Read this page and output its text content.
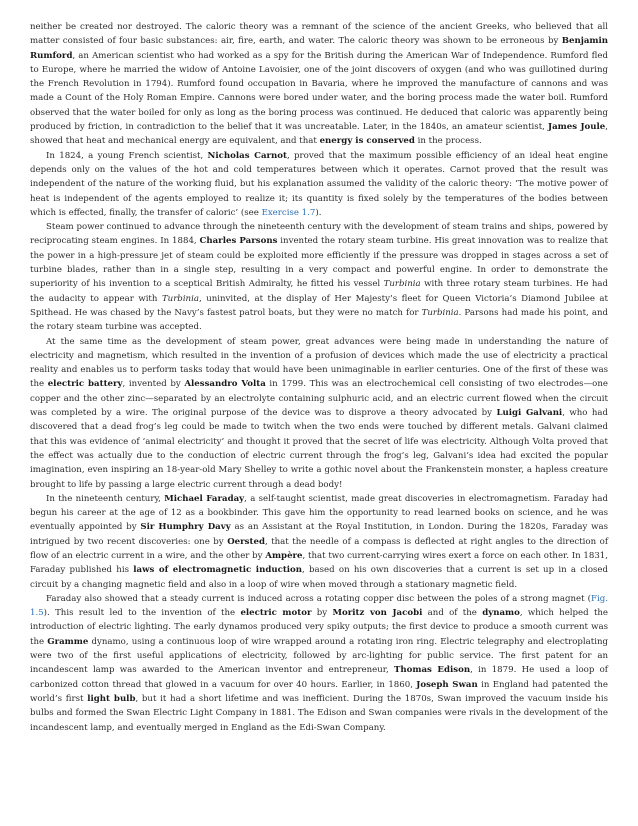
neither be created nor destroyed. The caloric theory was a remnant of the science of the ancient Greeks, who believed that all matter consisted of four basic substances: air, fire, earth, and water. The caloric theory was shown to be erroneous by Benjamin Rumford, an American scientist who had worked as a spy for the British during the American War of Independence. Rumford fled to Europe, where he married the widow of Antoine Lavoisier, one of the joint discovers of oxygen (and who was guillotined during the French Revolution in 1794). Rumford found occupation in Bavaria, where he improved the manufacture of cannons and was made a Count of the Holy Roman Empire. Cannons were bored under water, and the boring process made the water boil. Rumford observed that the water boiled for only as long as the boring process was continued. He deduced that caloric was apparently being produced by friction, in contradiction to the belief that it was uncreatable. Later, in the 1840s, an amateur scientist, James Joule, showed that heat and mechanical energy are equivalent, and that energy is conserved in the process.

In 1824, a young French scientist, Nicholas Carnot, proved that the maximum possible efficiency of an ideal heat engine depends only on the values of the hot and cold temperatures between which it operates. Carnot proved that the result was independent of the nature of the working fluid, but his explanation assumed the validity of the caloric theory: ‘The motive power of heat is independent of the agents employed to realize it; its quantity is fixed solely by the temperatures of the bodies between which is effected, finally, the transfer of caloric’ (see Exercise 1.7).

Steam power continued to advance through the nineteenth century with the development of steam trains and ships, powered by reciprocating steam engines. In 1884, Charles Parsons invented the rotary steam turbine. His great innovation was to realize that the power in a high-pressure jet of steam could be exploited more efficiently if the pressure was dropped in stages across a set of turbine blades, rather than in a single step, resulting in a very compact and powerful engine. In order to demonstrate the superiority of his invention to a sceptical British Admiralty, he fitted his vessel Turbinia with three rotary steam turbines. He had the audacity to appear with Turbinia, uninvited, at the display of Her Majesty’s fleet for Queen Victoria’s Diamond Jubilee at Spithead. He was chased by the Navy’s fastest patrol boats, but they were no match for Turbinia. Parsons had made his point, and the rotary steam turbine was accepted.

At the same time as the development of steam power, great advances were being made in understanding the nature of electricity and magnetism, which resulted in the invention of a profusion of devices which made the use of electricity a practical reality and enables us to perform tasks today that would have been unimaginable in earlier centuries. One of the first of these was the electric battery, invented by Alessandro Volta in 1799. This was an electrochemical cell consisting of two electrodes—one copper and the other zinc—separated by an electrolyte containing sulphuric acid, and an electric current flowed when the circuit was completed by a wire. The original purpose of the device was to disprove a theory advocated by Luigi Galvani, who had discovered that a dead frog’s leg could be made to twitch when the two ends were touched by different metals. Galvani claimed that this was evidence of ‘animal electricity’ and thought it proved that the secret of life was electricity. Although Volta proved that the effect was actually due to the conduction of electric current through the frog’s leg, Galvani’s idea had excited the popular imagination, even inspiring an 18-year-old Mary Shelley to write a gothic novel about the Frankenstein monster, a hapless creature brought to life by passing a large electric current through a dead body!

In the nineteenth century, Michael Faraday, a self-taught scientist, made great discoveries in electromagnetism. Faraday had begun his career at the age of 12 as a bookbinder. This gave him the opportunity to read learned books on science, and he was eventually appointed by Sir Humphry Davy as an Assistant at the Royal Institution, in London. During the 1820s, Faraday was intrigued by two recent discoveries: one by Oersted, that the needle of a compass is deflected at right angles to the direction of flow of an electric current in a wire, and the other by Ampère, that two current-carrying wires exert a force on each other. In 1831, Faraday published his laws of electromagnetic induction, based on his own discoveries that a current is set up in a closed circuit by a changing magnetic field and also in a loop of wire when moved through a stationary magnetic field.

Faraday also showed that a steady current is induced across a rotating copper disc between the poles of a strong magnet (Fig. 1.5). This result led to the invention of the electric motor by Moritz von Jacobi and of the dynamo, which helped the introduction of electric lighting. The early dynamos produced very spiky outputs; the first device to produce a smooth current was the Gramme dynamo, using a continuous loop of wire wrapped around a rotating iron ring. Electric telegraphy and electroplating were two of the first useful applications of electricity, followed by arc-lighting for public service. The first patent for an incandescent lamp was awarded to the American inventor and entrepreneur, Thomas Edison, in 1879. He used a loop of carbonized cotton thread that glowed in a vacuum for over 40 hours. Earlier, in 1860, Joseph Swan in England had patented the world’s first light bulb, but it had a short lifetime and was inefficient. During the 1870s, Swan improved the vacuum inside his bulbs and formed the Swan Electric Light Company in 1881. The Edison and Swan companies were rivals in the development of the incandescent lamp, and eventually merged in England as the Edi-Swan Company.
